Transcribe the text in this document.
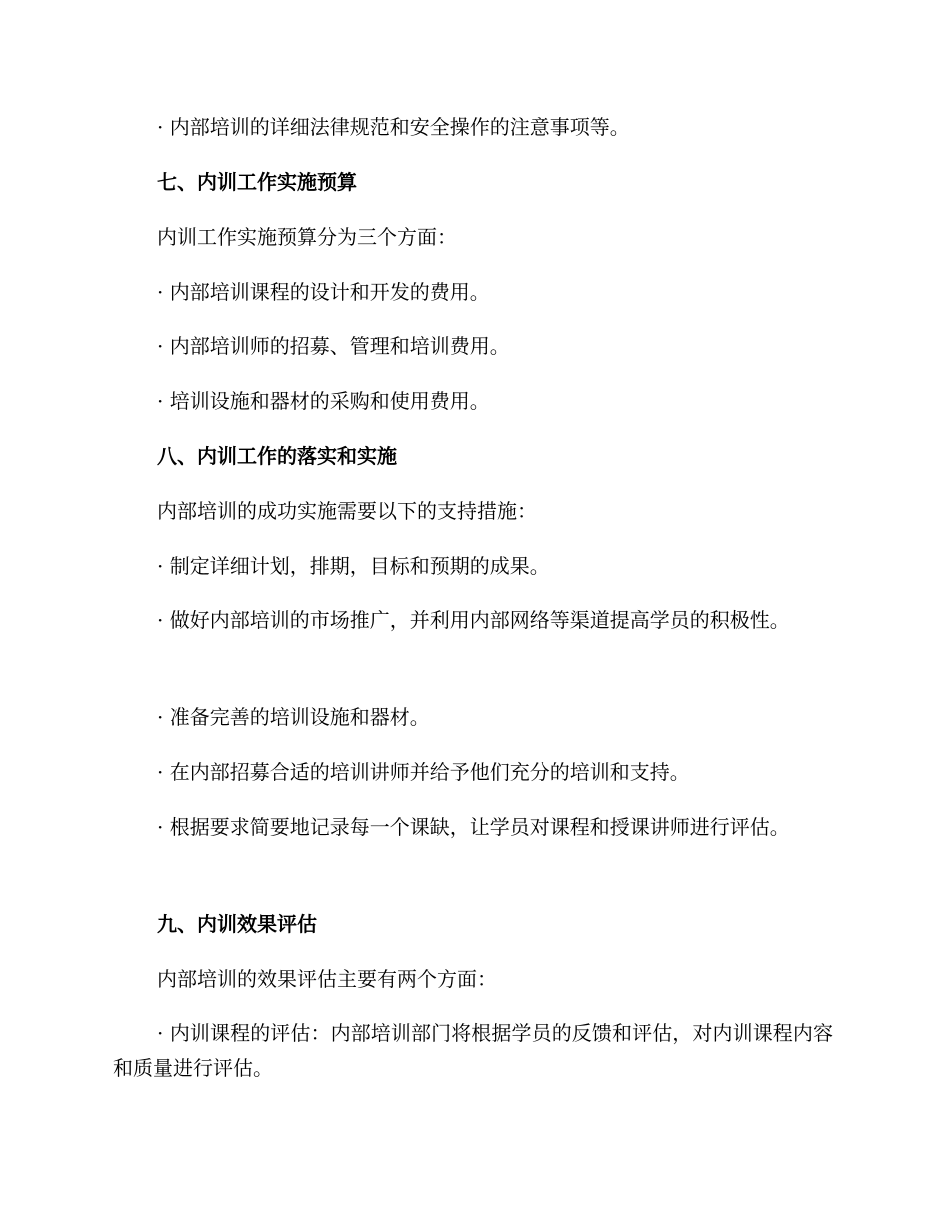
· 内部培训的详细法律规范和安全操作的注意事项等。
七、内训工作实施预算
内训工作实施预算分为三个方面：
· 内部培训课程的设计和开发的费用。
· 内部培训师的招募、管理和培训费用。
· 培训设施和器材的采购和使用费用。
八、内训工作的落实和实施
内部培训的成功实施需要以下的支持措施：
· 制定详细计划，排期，目标和预期的成果。
· 做好内部培训的市场推广，并利用内部网络等渠道提高学员的积极性。
· 准备完善的培训设施和器材。
· 在内部招募合适的培训讲师并给予他们充分的培训和支持。
· 根据要求简要地记录每一个课缺，让学员对课程和授课讲师进行评估。
九、内训效果评估
内部培训的效果评估主要有两个方面：
· 内训课程的评估：内部培训部门将根据学员的反馈和评估，对内训课程内容和质量进行评估。
